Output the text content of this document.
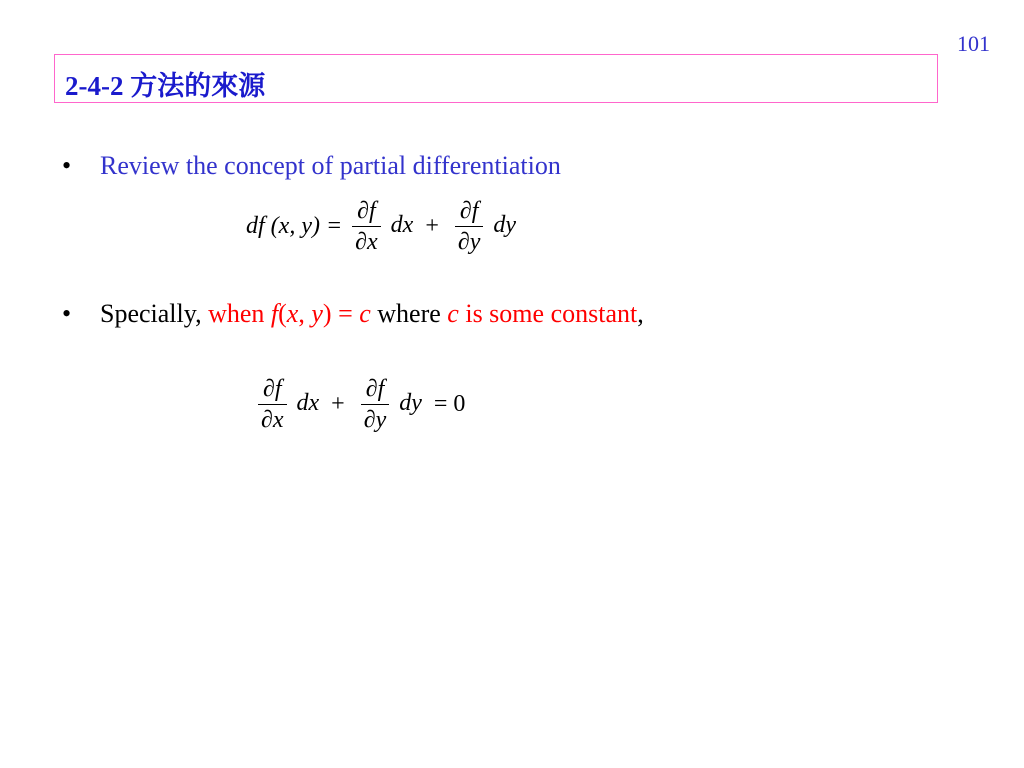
101
2-4-2 方法的來源
• Review the concept of partial differentiation
df (x, $y) = \frac{\partial f}{\partial x}$ dx + $\frac{\partial f}{\partial y}$ dy
• Specially, when f(x, y) = c where c is some constant,
$\frac{\partial f}{\partial x}$ dx + $\frac{\partial f}{\partial y}$ dy = 0
